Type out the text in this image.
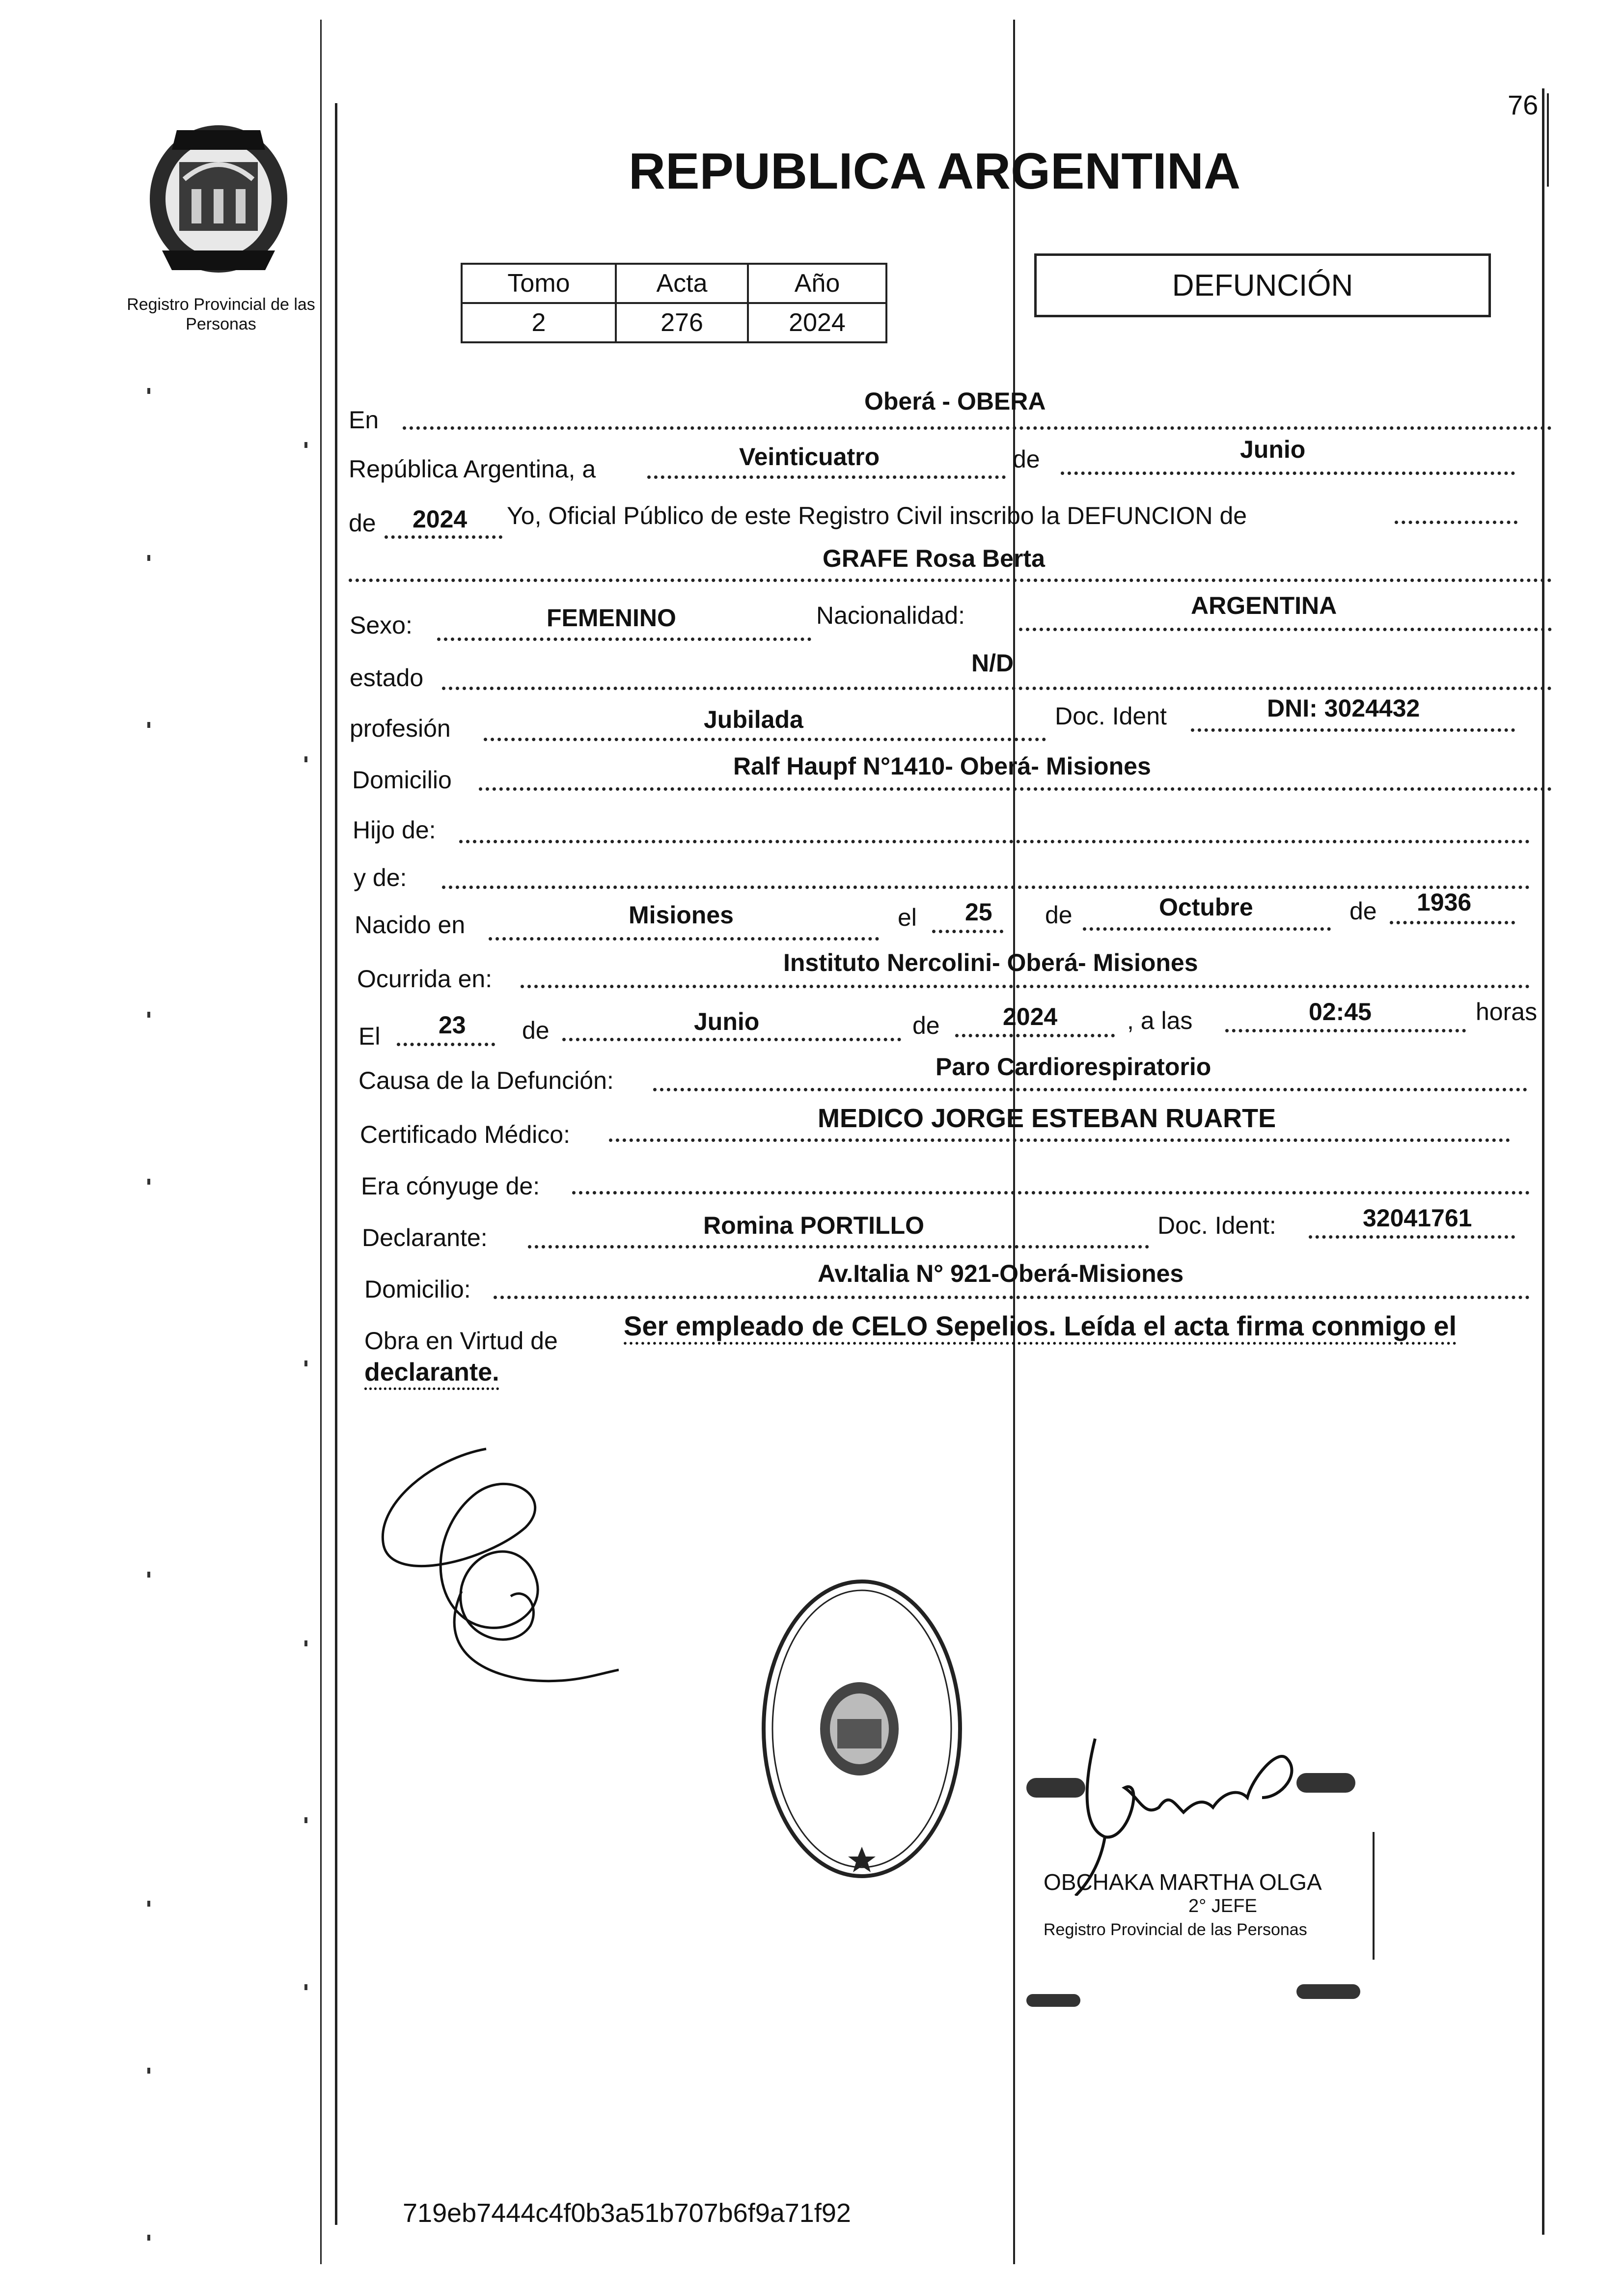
76
Registro Provincial de las Personas
REPUBLICA ARGENTINA
Tomo	Acta	Año
2	276	2024
DEFUNCIÓN
En
Oberá - OBERA
República Argentina, a	Veinticuatro	de	Junio
de 2024 Yo, Oficial Público de este Registro Civil inscribo la DEFUNCION de
GRAFE Rosa Berta
Sexo:	FEMENINO	Nacionalidad:	ARGENTINA
estado
N/D
profesión	Jubilada	Doc. Ident	DNI: 3024432
Domicilio	Ralf Haupf N°1410- Oberá- Misiones
Hijo de:
y de:
Nacido en	Misiones	el 25 de	Octubre	de 1936
Ocurrida en:
Instituto Nercolini- Oberá- Misiones
El 23 de	Junio	de	2024	, a las	02:45	horas
Causa de la Defunción:	Paro Cardiorespiratorio
Certificado Médico:
MEDICO JORGE ESTEBAN RUARTE
Era cónyuge de:
Declarante:	Romina PORTILLO	Doc. Ident:	32041761
Domicilio:
Av.Italia N° 921-Oberá-Misiones
Obra en Virtud de Ser empleado de CELO Sepelios. Leída el acta firma conmigo el
declarante.
OBCHAKA MARTHA OLGA
2° JEFE
Registro Provincial de las Personas
719eb7444c4f0b3a51b707b6f9a71f92
